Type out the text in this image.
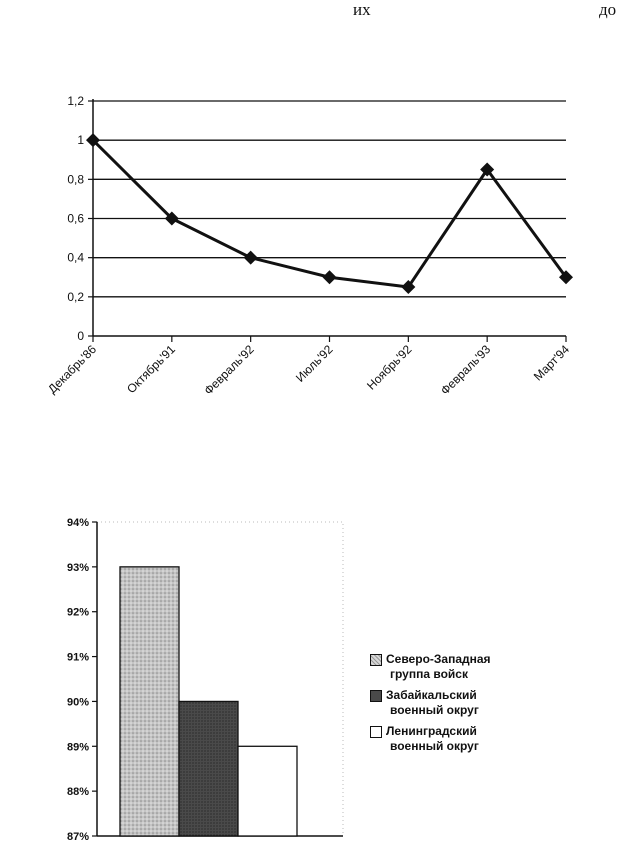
их	до
0
0,2
0,4
0,6
0,8
1
1,2
Декабрь'86 Октябрь'91 Февраль'92	Июль'92 Ноябрь'92 Февраль'93	Март'94
87%
88%
89%
90%
91%
92%
93%
94%
Северо-Западная
группа войск
Забайкальский
военный округ
Ленинградский
военный округ
